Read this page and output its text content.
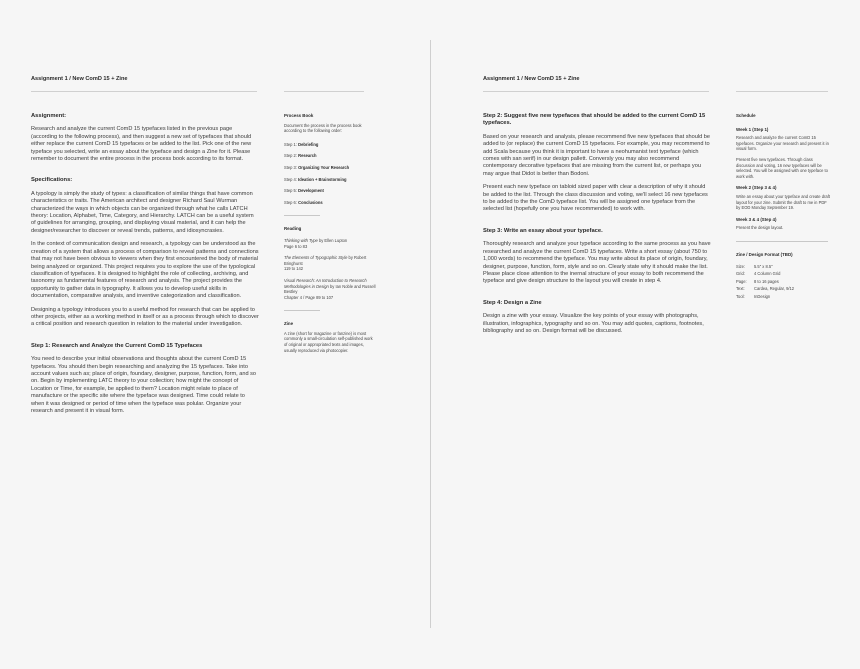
Assignment 1 / New ComD 15 + Zine
Assignment:

Research and analyze the current ComD 15 typefaces listed in the previous page (according to the following process), and then suggest a new set of typefaces that should either replace the current ComD 15 typefaces or be added to the list. Pick one of the new typeface you selected, write an essay about the typeface and design a Zine for it. Please remember to document the entire process in the process book according to its format.

Specifications:

A typology is simply the study of types: a classification of similar things that have common characteristics or traits. The American architect and designer Richard Saul Wurman characterized the ways in which objects can be organized through what he calls LATCH theory: Location, Alphabet, Time, Category, and Hierarchy. LATCH can be a useful system of guidelines for arranging, grouping, and displaying visual material, and it can help the designer/researcher to discover or reveal trends, patterns, and idiosyncrasies.

In the context of communication design and research, a typology can be understood as the creation of a system that allows a process of comparison to reveal patterns and connections that may not have been obvious to viewers when they first encountered the body of material being analyzed or organized. This project requires you to explore the use of the typological classification of typefaces. It is designed to highlight the role of collecting, archiving, and taxonomy as fundamental features of research and analysis. The project provides the opportunity to gather data in typography. It allows you to develop useful skills in documentation, comparative analysis, and inventive categorization and classification.

Designing a typology introduces you to a useful method for research that can be applied to other projects, either as a working method in itself or as a process through which to discover a critical position and research question in relation to the material under investigation.

Step 1: Research and Analyze the Current ComD 15 Typefaces

You need to describe your initial observations and thoughts about the current ComD 15 typefaces. You should then begin researching and analyzing the 15 typefaces. Take into account values such as; place of origin, foundary, designer, purpose, function, form, and so on. Begin by implementing LATC theory to your collection; how might the concept of Location or Time, for example, be applied to them? Location might relate to place of manufacture or the specific site where the typeface was designed. Time could relate to when it was designed or period of time when the typeface was polular. Organize your research and present it in visual form.

Process Book

Document the process in the process book according to the following order:

Step 1: Debriefing
Step 2: Research
Step 3: Organizing Your Research
Step 4: Ideation + Brainstorming
Step 5: Development
Step 6: Conclusions
Reading
Thinking with Type by Ellen Lupton
Page 6 to 83
The Elements of Typographic Style by Robert Bringhurst
119 to 142
Visual Research: An Introduction to Research Methodologies in Design by Ian Noble and Russell Bestley
Chapter 4 / Page 89 to 107
Zine

A zine (short for magazine or fanzine) is most commonly a small-circulation self-published work of original or appropriated texts and images, usually reproduced via photocopier.

Assignment 1 / New ComD 15 + Zine
Step 2: Suggest five new typefaces that should be added to the current ComD 15 typefaces.

Based on your research and analysis, please recommend five new typefaces that should be added to (or replace) the current ComD 15 typefaces. For example, you may recommend to add Scala because you think it is important to have a neohumanist text typeface (which comes with san serif) in our design pallett. Conversly you may also recommend contemporary decorative typefaces that are missing from the current list, or perhaps you may argue that Didot is better than Bodoni.

Present each new typeface on tabloid sized paper with clear a description of why it should be added to the list. Through the class discussion and voting, we'll select 16 new typefaces to be added to the the ComD typeface list. You will be assigned one typeface from the selected list (hopefully one you have recommended) to work with.

Step 3: Write an essay about your typeface.

Thoroughly research and analyze your typeface according to the same process as you have researched and analyze the current ComD 15 typefaces. Write a short essay (about 750 to 1,000 words) to recommend the typeface. You may write about its place of origin, foundary, designer, purpose, function, form, style and so on. Clearly state why it should make the list. Please place close attention to the inernal structure of your essay to both recommend the typeface and give design structure to the layout you will create in step 4.

Step 4: Design a Zine

Design a zine with your essay. Visualize the key points of your essay with photographs, illustration, infographics, typography and so on. You may add quotes, captions, footnotes, bibliography and so on. Design format will be discussed.

Schedule
Week 1 (Step 1)

Research and analyze the current ComD 15 typefaces. Organize your research and present it in visual form.

Present five new typefaces. Through class discussion and voting, 16 new typefaces will be selected. You will be assigned with one typeface to work with.

Week 2 (Step 3 & 4)

Write an essay about your typeface and create draft layout for your zine. Submit the draft to me in PDF by EOD Monday September 19.

Week 3 & 4 (Step 4)

Present the design layout.

Zine / Design Format (TBD)
Size:	5.5" x 8.5"
Grid:	4 Column Grid
Page:	8 to 16 pages
Text:	Cardea, Regular, 9/12
Tool:	InDesign
